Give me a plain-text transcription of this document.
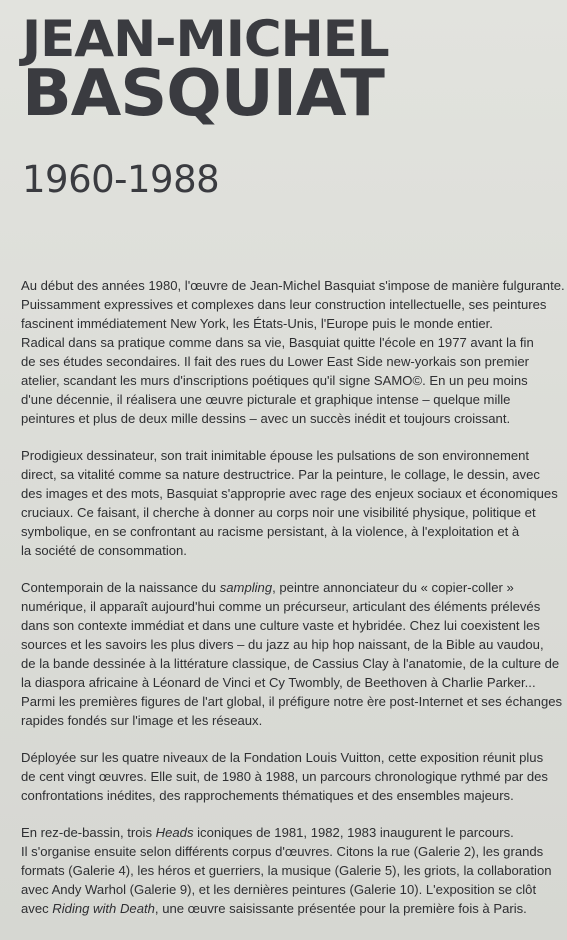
JEAN-MICHEL
BASQUIAT
1960-1988

Au début des années 1980, l'œuvre de Jean-Michel Basquiat s'impose de manière fulgurante.
Puissamment expressives et complexes dans leur construction intellectuelle, ses peintures
fascinent immédiatement New York, les États-Unis, l'Europe puis le monde entier.
Radical dans sa pratique comme dans sa vie, Basquiat quitte l'école en 1977 avant la fin
de ses études secondaires. Il fait des rues du Lower East Side new-yorkais son premier
atelier, scandant les murs d'inscriptions poétiques qu'il signe SAMO©. En un peu moins
d'une décennie, il réalisera une œuvre picturale et graphique intense – quelque mille
peintures et plus de deux mille dessins – avec un succès inédit et toujours croissant.

Prodigieux dessinateur, son trait inimitable épouse les pulsations de son environnement
direct, sa vitalité comme sa nature destructrice. Par la peinture, le collage, le dessin, avec
des images et des mots, Basquiat s'approprie avec rage des enjeux sociaux et économiques
cruciaux. Ce faisant, il cherche à donner au corps noir une visibilité physique, politique et
symbolique, en se confrontant au racisme persistant, à la violence, à l'exploitation et à
la société de consommation.

Contemporain de la naissance du sampling, peintre annonciateur du « copier-coller »
numérique, il apparaît aujourd'hui comme un précurseur, articulant des éléments prélevés
dans son contexte immédiat et dans une culture vaste et hybridée. Chez lui coexistent les
sources et les savoirs les plus divers – du jazz au hip hop naissant, de la Bible au vaudou,
de la bande dessinée à la littérature classique, de Cassius Clay à l'anatomie, de la culture de
la diaspora africaine à Léonard de Vinci et Cy Twombly, de Beethoven à Charlie Parker...
Parmi les premières figures de l'art global, il préfigure notre ère post-Internet et ses échanges
rapides fondés sur l'image et les réseaux.

Déployée sur les quatre niveaux de la Fondation Louis Vuitton, cette exposition réunit plus
de cent vingt œuvres. Elle suit, de 1980 à 1988, un parcours chronologique rythmé par des
confrontations inédites, des rapprochements thématiques et des ensembles majeurs.

En rez-de-bassin, trois Heads iconiques de 1981, 1982, 1983 inaugurent le parcours.
Il s'organise ensuite selon différents corpus d'œuvres. Citons la rue (Galerie 2), les grands
formats (Galerie 4), les héros et guerriers, la musique (Galerie 5), les griots, la collaboration
avec Andy Warhol (Galerie 9), et les dernières peintures (Galerie 10). L'exposition se clôt
avec Riding with Death, une œuvre saisissante présentée pour la première fois à Paris.
